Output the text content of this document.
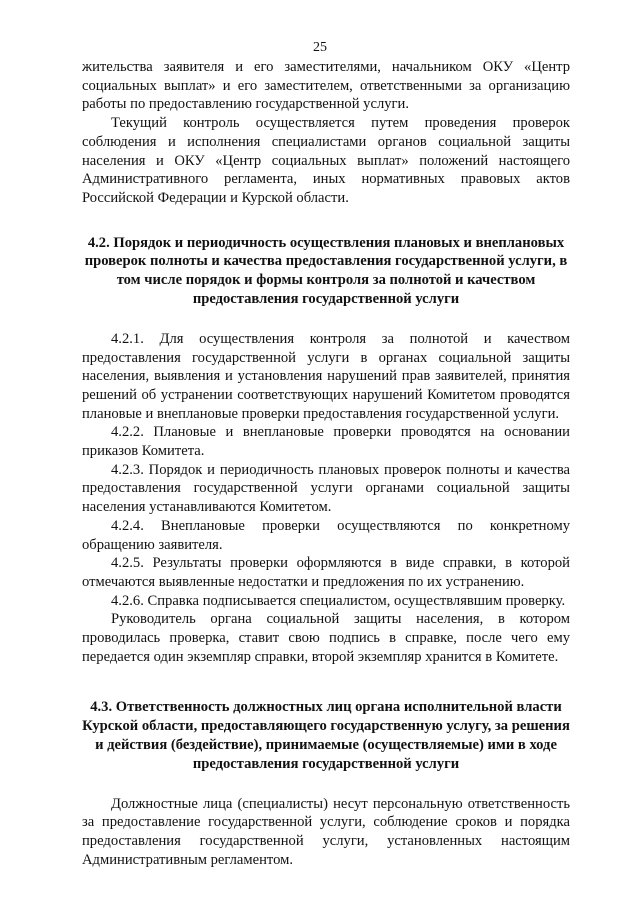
25

жительства заявителя и его заместителями, начальником ОКУ «Центр социальных выплат» и его заместителем, ответственными за организацию работы по предоставлению государственной услуги.

Текущий контроль осуществляется путем проведения проверок соблюдения и исполнения специалистами органов социальной защиты населения и ОКУ «Центр социальных выплат» положений настоящего Административного регламента, иных нормативных правовых актов Российской Федерации и Курской области.

4.2. Порядок и периодичность осуществления плановых и внеплановых проверок полноты и качества предоставления государственной услуги, в том числе порядок и формы контроля за полнотой и качеством предоставления государственной услуги

4.2.1. Для осуществления контроля за полнотой и качеством предоставления государственной услуги в органах социальной защиты населения, выявления и установления нарушений прав заявителей, принятия решений об устранении соответствующих нарушений Комитетом проводятся плановые и внеплановые проверки предоставления государственной услуги.

4.2.2. Плановые и внеплановые проверки проводятся на основании приказов Комитета.

4.2.3. Порядок и периодичность плановых проверок полноты и качества предоставления государственной услуги органами социальной защиты населения устанавливаются Комитетом.

4.2.4. Внеплановые проверки осуществляются по конкретному обращению заявителя.

4.2.5. Результаты проверки оформляются в виде справки, в которой отмечаются выявленные недостатки и предложения по их устранению.

4.2.6. Справка подписывается специалистом, осуществлявшим проверку.

Руководитель органа социальной защиты населения, в котором проводилась проверка, ставит свою подпись в справке, после чего ему передается один экземпляр справки, второй экземпляр хранится в Комитете.

4.3. Ответственность должностных лиц органа исполнительной власти Курской области, предоставляющего государственную услугу, за решения и действия (бездействие), принимаемые (осуществляемые) ими в ходе предоставления государственной услуги

Должностные лица (специалисты) несут персональную ответственность за предоставление государственной услуги, соблюдение сроков и порядка предоставления государственной услуги, установленных настоящим Административным регламентом.
